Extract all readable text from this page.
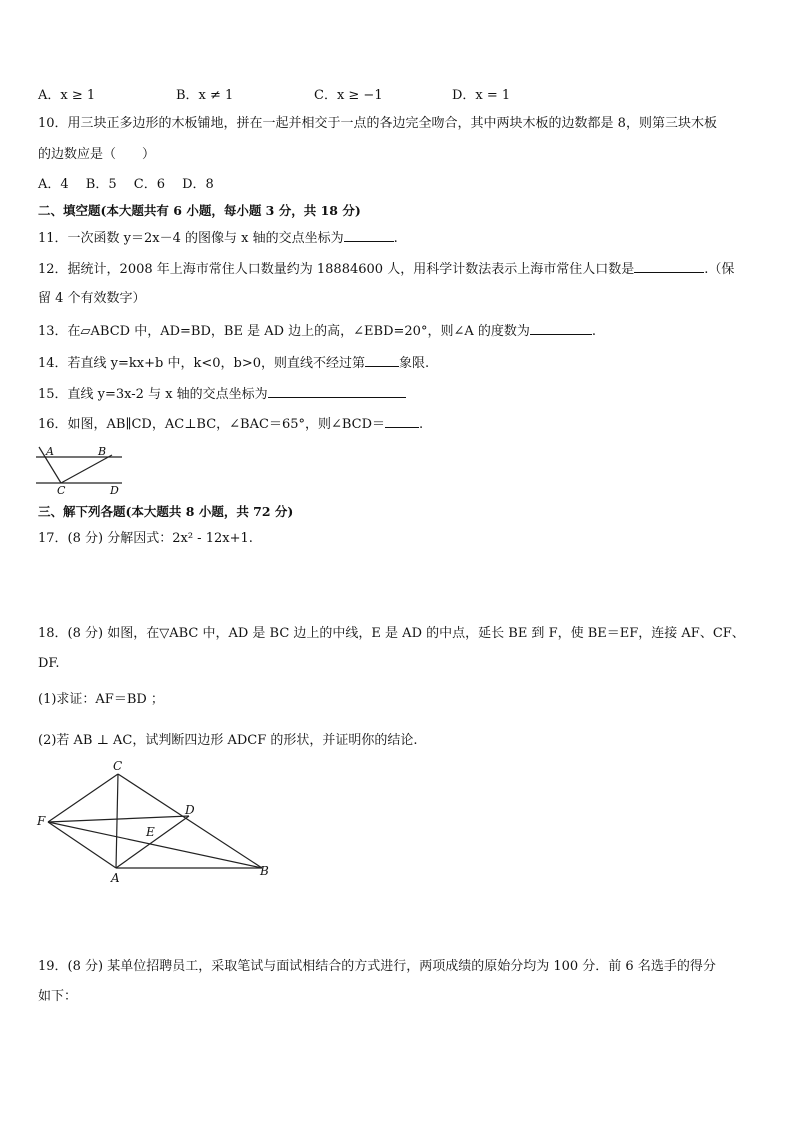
A．x ≥ 1	B．x ≠ 1	C．x ≥ −1	D．x = 1
10．用三块正多边形的木板铺地，拼在一起并相交于一点的各边完全吻合，其中两块木板的边数都是 8，则第三块木板
的边数应是（　　）
A．4　 B．5　 C．6　 D．8
二、填空题(本大题共有 6 小题，每小题 3 分，共 18 分)
11．一次函数 y＝2x－4 的图像与 x 轴的交点坐标为	.
12．据统计，2008 年上海市常住人口数量约为 18884600 人，用科学计数法表示上海市常住人口数是	.（保
留 4 个有效数字）
13．在▱ABCD 中，AD=BD，BE 是 AD 边上的高，∠EBD=20°，则∠A 的度数为	.
14．若直线 y=kx+b 中，k<0，b>0，则直线不经过第	象限.
15．直线 y=3x-2 与 x 轴的交点坐标为
16．如图，AB∥CD，AC⊥BC，∠BAC＝65°，则∠BCD＝	.
A	B
C	D
三、解下列各题(本大题共 8 小题，共 72 分)
17．(8 分) 分解因式：2x² - 12x+1.
18．(8 分) 如图，在▽ABC 中，AD 是 BC 边上的中线，E 是 AD 的中点，延长 BE 到 F，使 BE＝EF，连接 AF、CF、
DF.
(1)求证：AF＝BD ；
(2)若 AB ⊥ AC，试判断四边形 ADCF 的形状，并证明你的结论.
C
D
F
E
A	B
19．(8 分) 某单位招聘员工，采取笔试与面试相结合的方式进行，两项成绩的原始分均为 100 分．前 6 名选手的得分
如下：
